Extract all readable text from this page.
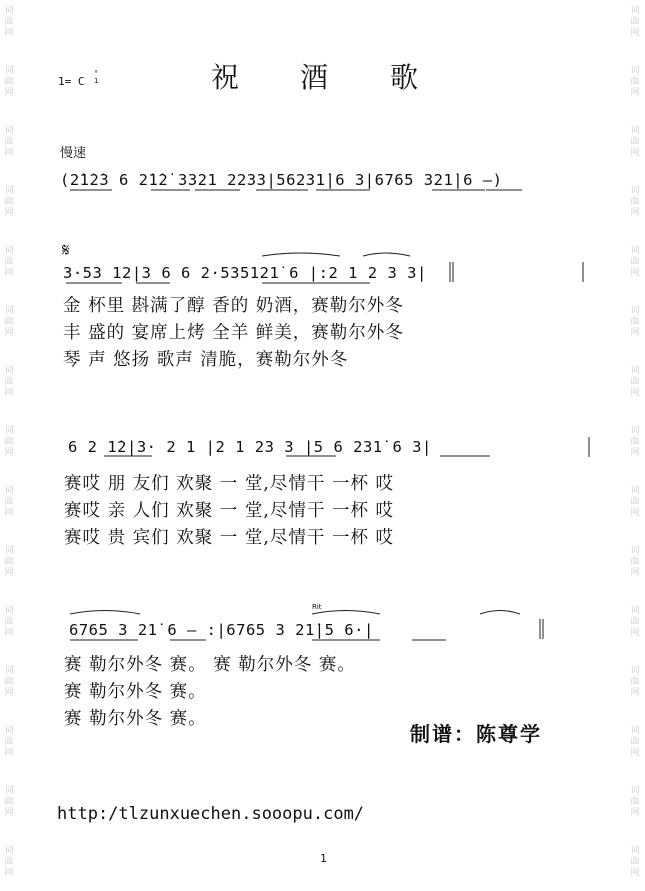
词
曲
网
词
曲
网
词
曲
网
词
曲
网
词
曲
网
词
曲
网
词
曲
网
词
曲
网
词
曲
网
词
曲
网
词
曲
网
词
曲
网
词
曲
网
词
曲
网
词
曲
网
词
曲
网
词
曲
网
词
曲
网
词
曲
网
词
曲
网
词
曲
网
词
曲
网
词
曲
网
词
曲
网
词
曲
网
词
曲
网
词
曲
网
词
曲
网
词
曲
网
词
曲
网
祝 酒 歌
1= C
⁰
1
慢速
(2̇1̇2̇3 6 2̇1̇2̇ 3321 2233|56231̇|6 3|6765 321̇|6 –)
𝄋
3·53 12|3 6 6 2·535121̇ 6 |:2 1 2 3 3|
金 杯里 斟满了醇 香的 奶酒，赛勒尔外冬
丰 盛的 宴席上烤 全羊 鲜美，赛勒尔外冬
琴 声 悠扬 歌声 清脆，赛勒尔外冬
6 2 1̇2|3· 2 1 |2 1 23 3 |5 6 231̇ 6 3|
赛哎 朋 友们 欢聚 一 堂,尽情干 一杯 哎
赛哎 亲 人们 欢聚 一 堂,尽情干 一杯 哎
赛哎 贵 宾们 欢聚 一 堂,尽情干 一杯 哎
Rit
6765 3 21̇ 6 – :|6765 3 21̇|5 6·|
赛 勒尔外冬 赛。 赛 勒尔外冬 赛。
赛 勒尔外冬 赛。
赛 勒尔外冬 赛。
制谱：陈尊学
http:/tlzunxuechen.sooopu.com/
1
